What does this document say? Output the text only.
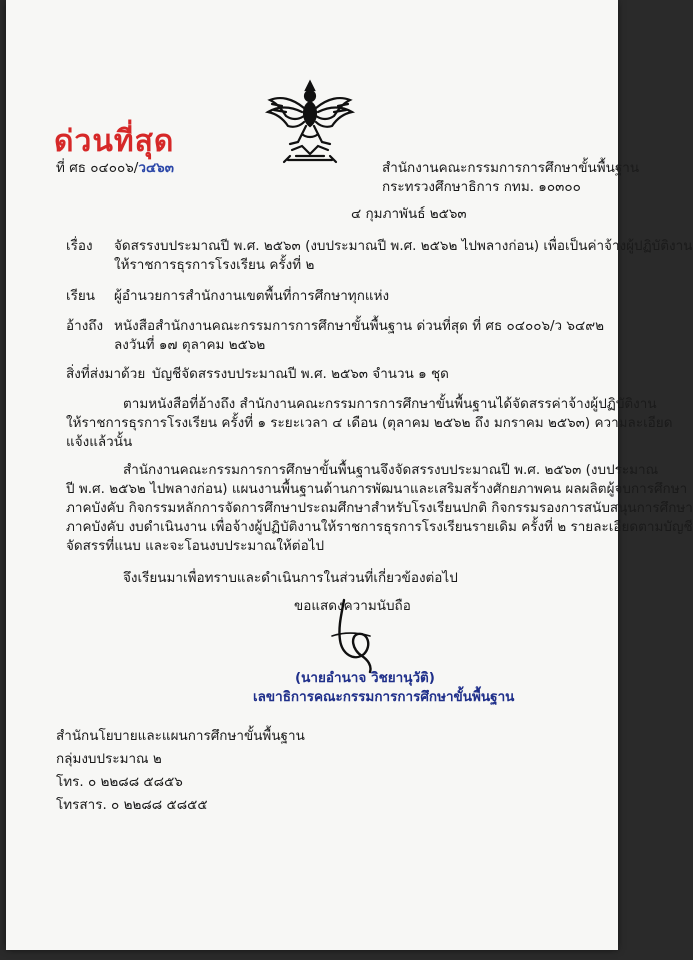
ด่วนที่สุด
ที่ ศธ ๐๔๐๐๖/ว๔๖๓	สำนักงานคณะกรรมการการศึกษาขั้นพื้นฐาน
กระทรวงศึกษาธิการ กทม. ๑๐๓๐๐
๔ กุมภาพันธ์ ๒๕๖๓
เรื่อง จัดสรรงบประมาณปี พ.ศ. ๒๕๖๓ (งบประมาณปี พ.ศ. ๒๕๖๒ ไปพลางก่อน) เพื่อเป็นค่าจ้างผู้ปฏิบัติงาน
ให้ราชการธุรการโรงเรียน ครั้งที่ ๒
เรียน ผู้อำนวยการสำนักงานเขตพื้นที่การศึกษาทุกแห่ง
อ้างถึง หนังสือสำนักงานคณะกรรมการการศึกษาขั้นพื้นฐาน ด่วนที่สุด ที่ ศธ ๐๔๐๐๖/ว ๖๔๙๒
ลงวันที่ ๑๗ ตุลาคม ๒๕๖๒
สิ่งที่ส่งมาด้วย บัญชีจัดสรรงบประมาณปี พ.ศ. ๒๕๖๓ จำนวน ๑ ชุด
ตามหนังสือที่อ้างถึง สำนักงานคณะกรรมการการศึกษาขั้นพื้นฐานได้จัดสรรค่าจ้างผู้ปฏิบัติงาน
ให้ราชการธุรการโรงเรียน ครั้งที่ ๑ ระยะเวลา ๔ เดือน (ตุลาคม ๒๕๖๒ ถึง มกราคม ๒๕๖๓) ความละเอียด
แจ้งแล้วนั้น
สำนักงานคณะกรรมการการศึกษาขั้นพื้นฐานจึงจัดสรรงบประมาณปี พ.ศ. ๒๕๖๓ (งบประมาณ
ปี พ.ศ. ๒๕๖๒ ไปพลางก่อน) แผนงานพื้นฐานด้านการพัฒนาและเสริมสร้างศักยภาพคน ผลผลิตผู้จบการศึกษา
ภาคบังคับ กิจกรรมหลักการจัดการศึกษาประถมศึกษาสำหรับโรงเรียนปกติ กิจกรรมรองการสนับสนุนการศึกษา
ภาคบังคับ งบดำเนินงาน เพื่อจ้างผู้ปฏิบัติงานให้ราชการธุรการโรงเรียนรายเดิม ครั้งที่ ๒ รายละเอียดตามบัญชี
จัดสรรที่แนบ และจะโอนงบประมาณให้ต่อไป
จึงเรียนมาเพื่อทราบและดำเนินการในส่วนที่เกี่ยวข้องต่อไป
ขอแสดงความนับถือ
(นายอำนาจ วิชยานุวัติ)
เลขาธิการคณะกรรมการการศึกษาขั้นพื้นฐาน
สำนักนโยบายและแผนการศึกษาขั้นพื้นฐาน
กลุ่มงบประมาณ ๒
โทร. ๐ ๒๒๘๘ ๕๘๕๖
โทรสาร. ๐ ๒๒๘๘ ๕๘๕๕
